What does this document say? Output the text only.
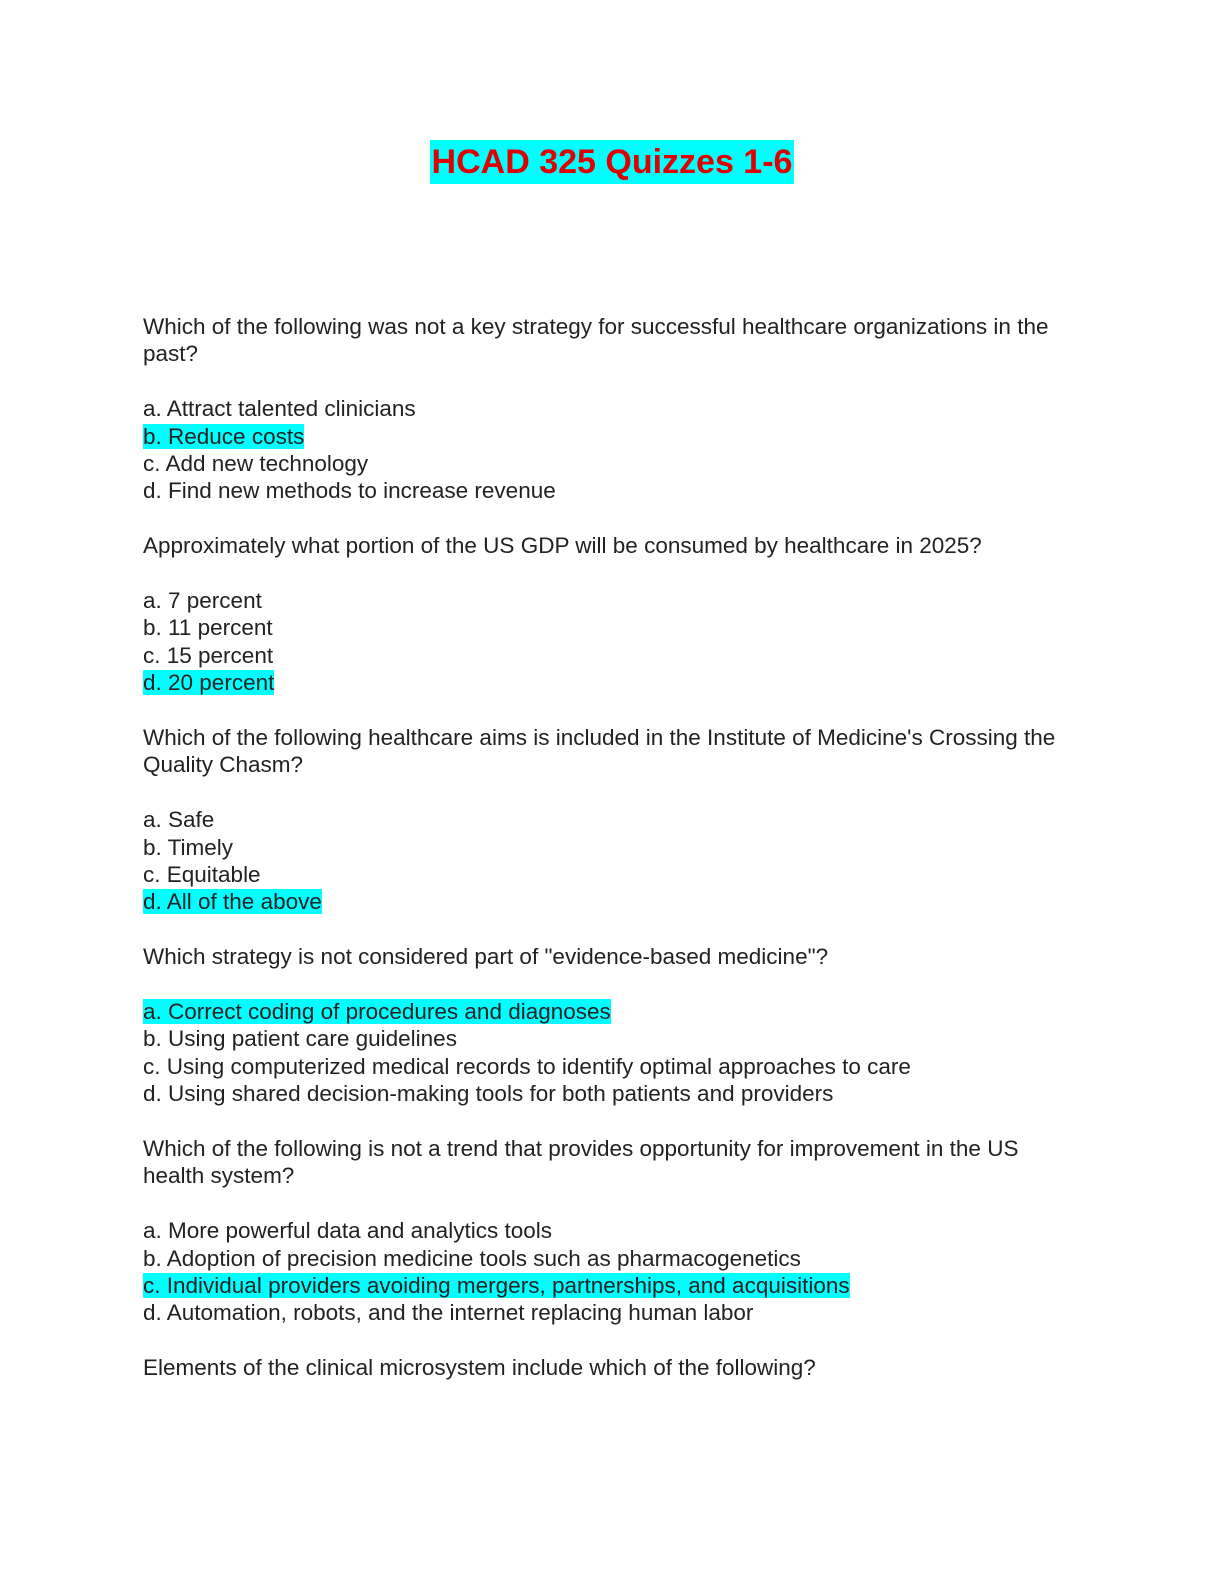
HCAD 325 Quizzes 1-6
Which of the following was not a key strategy for successful healthcare organizations in the past?
a. Attract talented clinicians
b. Reduce costs
c. Add new technology
d. Find new methods to increase revenue
Approximately what portion of the US GDP will be consumed by healthcare in 2025?
a. 7 percent
b. 11 percent
c. 15 percent
d. 20 percent
Which of the following healthcare aims is included in the Institute of Medicine's Crossing the Quality Chasm?
a. Safe
b. Timely
c. Equitable
d. All of the above
Which strategy is not considered part of "evidence-based medicine"?
a. Correct coding of procedures and diagnoses
b. Using patient care guidelines
c. Using computerized medical records to identify optimal approaches to care
d. Using shared decision-making tools for both patients and providers
Which of the following is not a trend that provides opportunity for improvement in the US health system?
a. More powerful data and analytics tools
b. Adoption of precision medicine tools such as pharmacogenetics
c. Individual providers avoiding mergers, partnerships, and acquisitions
d. Automation, robots, and the internet replacing human labor
Elements of the clinical microsystem include which of the following?
